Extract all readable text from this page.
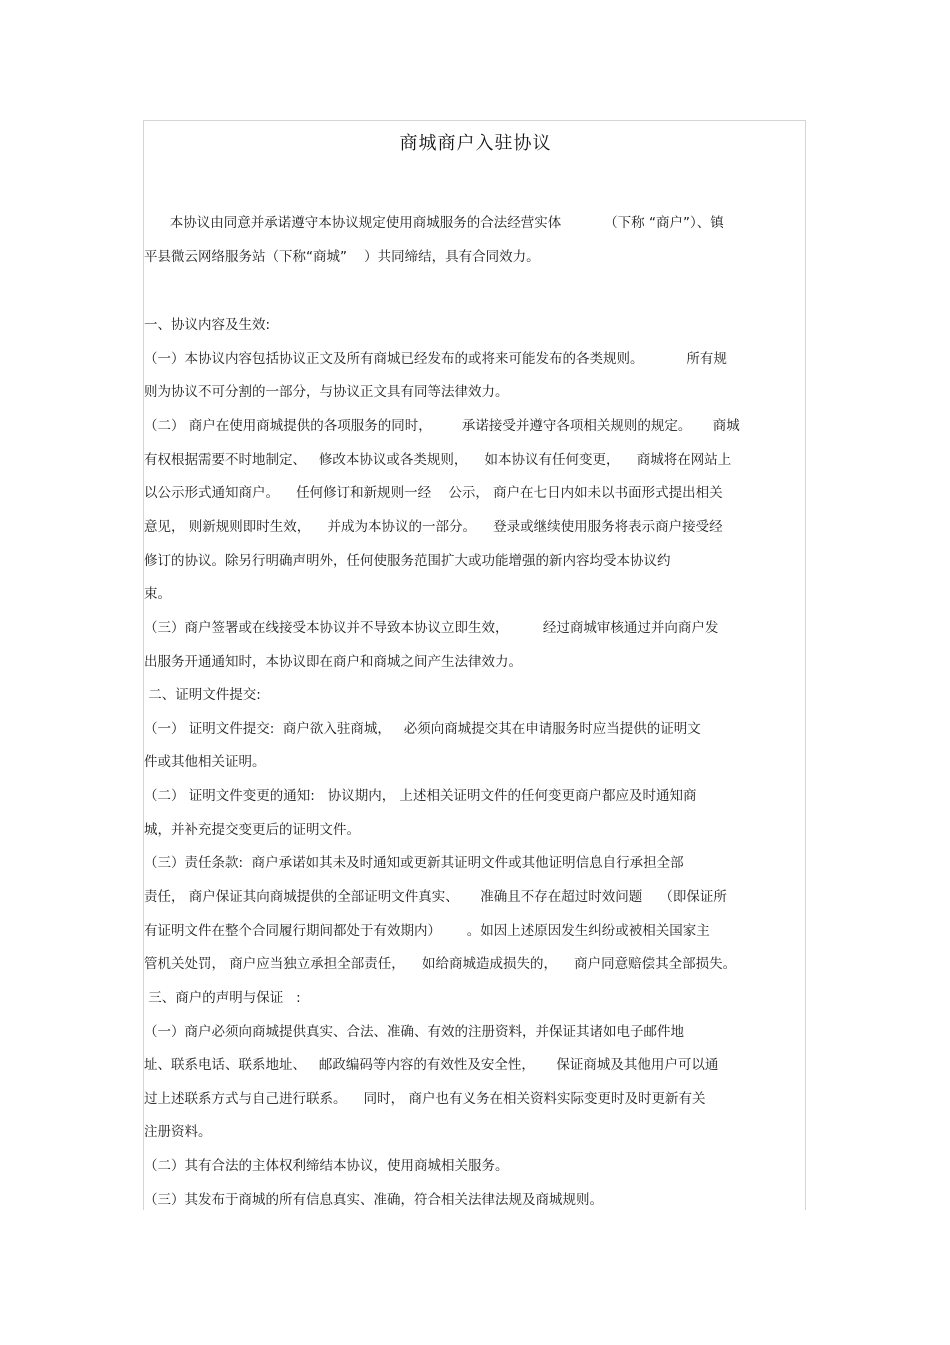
商城商户入驻协议
本协议由同意并承诺遵守本协议规定使用商城服务的合法经营实体          （下称 “商户”）、镇
平县微云网络服务站（下称“商城”    ）共同缔结，具有合同效力。
一、协议内容及生效:
（一）本协议内容包括协议正文及所有商城已经发布的或将来可能发布的各类规则。          所有规
则为协议不可分割的一部分，与协议正文具有同等法律效力。
（二） 商户在使用商城提供的各项服务的同时，       承诺接受并遵守各项相关规则的规定。     商城
有权根据需要不时地制定、   修改本协议或各类规则，    如本协议有任何变更，    商城将在网站上
以公示形式通知商户。    任何修订和新规则一经    公示， 商户在七日内如未以书面形式提出相关
意见， 则新规则即时生效，    并成为本协议的一部分。    登录或继续使用服务将表示商户接受经
修订的协议。除另行明确声明外，任何使服务范围扩大或功能增强的新内容均受本协议约
束。
（三）商户签署或在线接受本协议并不导致本协议立即生效，        经过商城审核通过并向商户发
出服务开通通知时，本协议即在商户和商城之间产生法律效力。
二、证明文件提交:
（一） 证明文件提交:  商户欲入驻商城，   必须向商城提交其在申请服务时应当提供的证明文
件或其他相关证明。
（二） 证明文件变更的通知:   协议期内， 上述相关证明文件的任何变更商户都应及时通知商
城，并补充提交变更后的证明文件。
（三）责任条款:  商户承诺如其未及时通知或更新其证明文件或其他证明信息自行承担全部
责任， 商户保证其向商城提供的全部证明文件真实、     准确且不存在超过时效问题    （即保证所
有证明文件在整个合同履行期间都处于有效期内）      。如因上述原因发生纠纷或被相关国家主
管机关处罚， 商户应当独立承担全部责任，    如给商城造成损失的，    商户同意赔偿其全部损失。
三、商户的声明与保证   :
（一）商户必须向商城提供真实、合法、准确、有效的注册资料，并保证其诸如电子邮件地
址、联系电话、联系地址、   邮政编码等内容的有效性及安全性，     保证商城及其他用户可以通
过上述联系方式与自己进行联系。    同时， 商户也有义务在相关资料实际变更时及时更新有关
注册资料。
（二）其有合法的主体权利缔结本协议，使用商城相关服务。
（三）其发布于商城的所有信息真实、准确，符合相关法律法规及商城规则。
